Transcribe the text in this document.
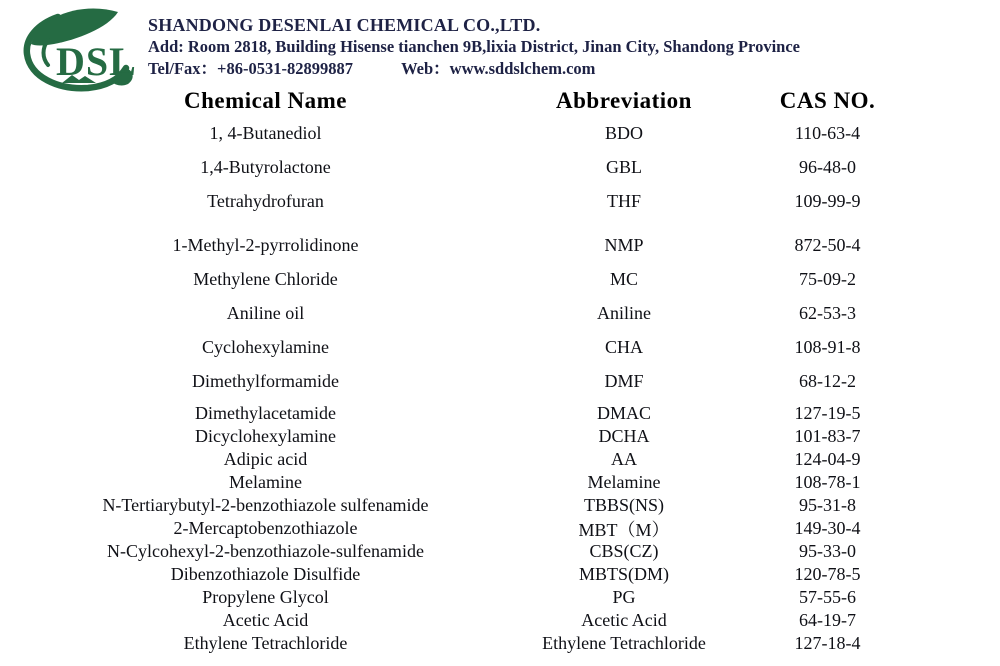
DSL
SHANDONG DESENLAI CHEMICAL CO.,LTD.
Add: Room 2818, Building Hisense tianchen 9B,lixia District, Jinan City, Shandong Province
Tel/Fax：+86-0531-82899887	Web：www.sddslchem.com
Chemical Name	Abbreviation	CAS NO.
1, 4-Butanediol	BDO	110-63-4
1,4-Butyrolactone	GBL	96-48-0
Tetrahydrofuran	THF	109-99-9
1-Methyl-2-pyrrolidinone	NMP	872-50-4
Methylene Chloride	MC	75-09-2
Aniline oil	Aniline	62-53-3
Cyclohexylamine	CHA	108-91-8
Dimethylformamide	DMF	68-12-2
Dimethylacetamide	DMAC	127-19-5
Dicyclohexylamine	DCHA	101-83-7
Adipic acid	AA	124-04-9
Melamine	Melamine	108-78-1
N-Tertiarybutyl-2-benzothiazole sulfenamide	TBBS(NS)	95-31-8
2-Mercaptobenzothiazole	MBT（M）	149-30-4
N-Cylcohexyl-2-benzothiazole-sulfenamide	CBS(CZ)	95-33-0
Dibenzothiazole Disulfide	MBTS(DM)	120-78-5
Propylene Glycol	PG	57-55-6
Acetic Acid	Acetic Acid	64-19-7
Ethylene Tetrachloride	Ethylene Tetrachloride	127-18-4
